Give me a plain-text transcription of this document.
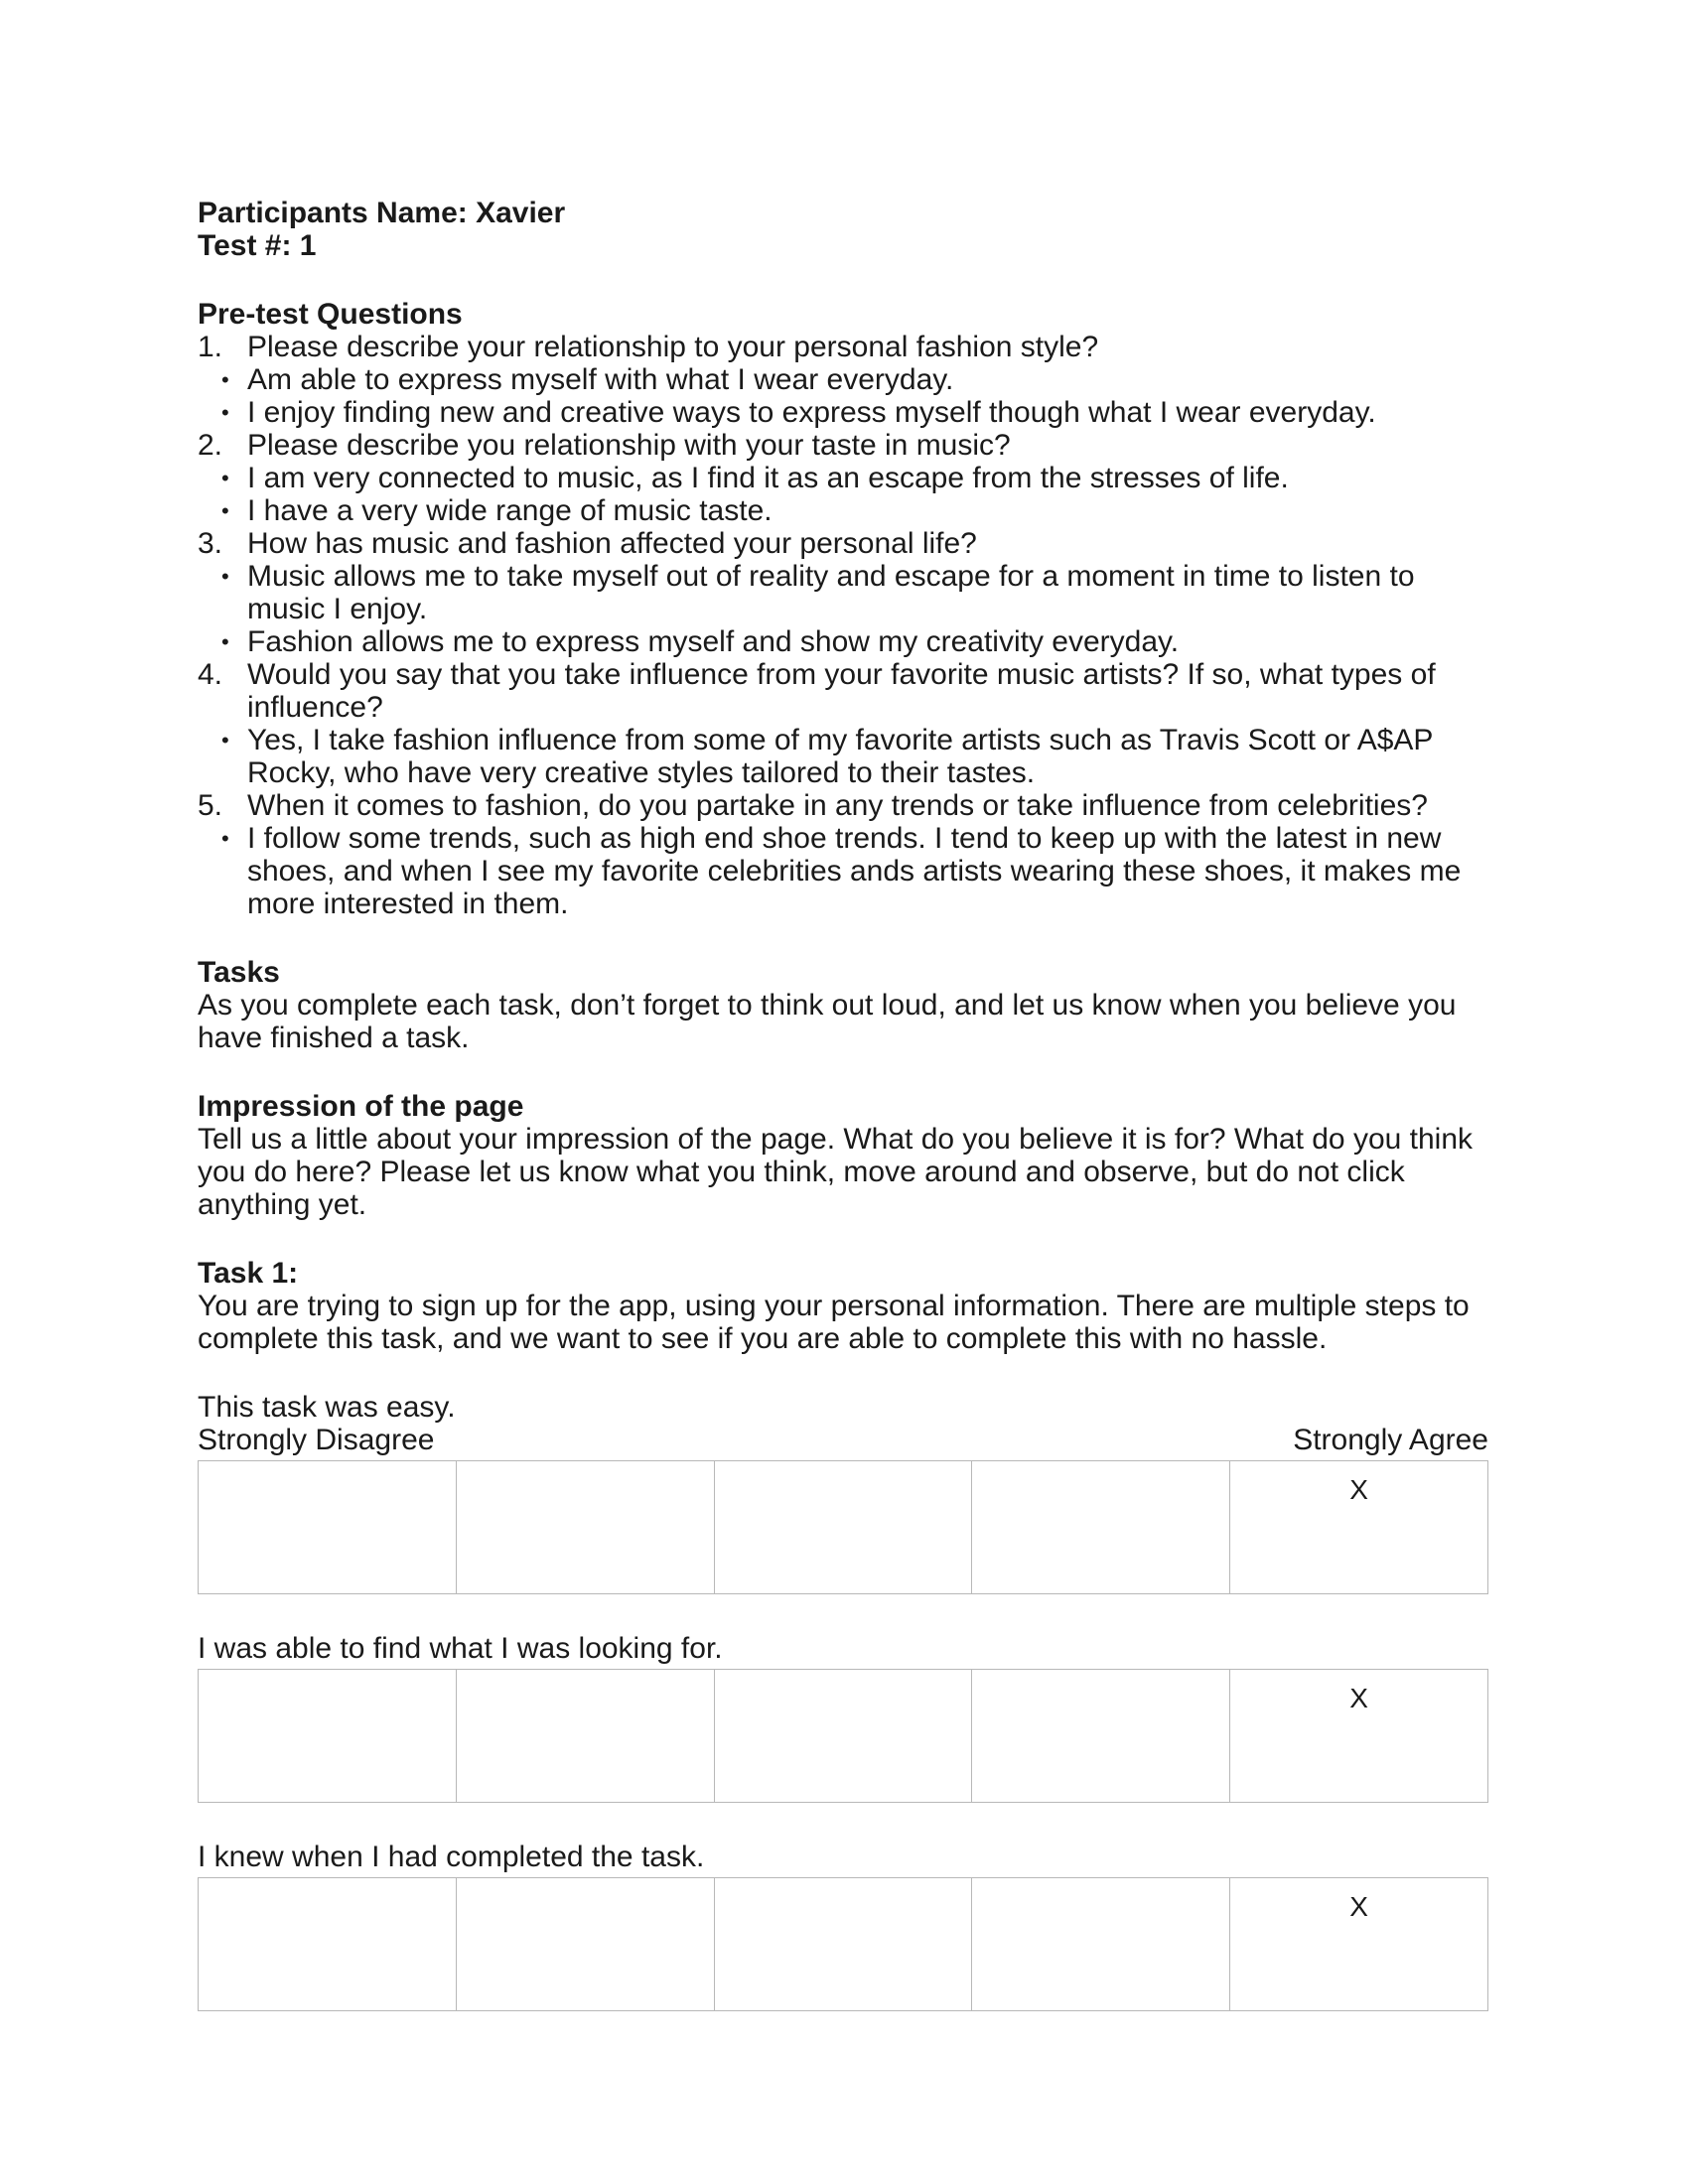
Participants Name: Xavier

Test #: 1

Pre-test Questions

1. Please describe your relationship to your personal fashion style?
• Am able to express myself with what I wear everyday.
• I enjoy finding new and creative ways to express myself though what I wear everyday.
2. Please describe you relationship with your taste in music?
• I am very connected to music, as I find it as an escape from the stresses of life.
• I have a very wide range of music taste.
3. How has music and fashion affected your personal life?
• Music allows me to take myself out of reality and escape for a moment in time to listen to music I enjoy.
• Fashion allows me to express myself and show my creativity everyday.
4. Would you say that you take influence from your favorite music artists? If so, what types of influence?
• Yes, I take fashion influence from some of my favorite artists such as Travis Scott or A$AP Rocky, who have very creative styles tailored to their tastes.
5. When it comes to fashion, do you partake in any trends or take influence from celebrities?
• I follow some trends, such as high end shoe trends. I tend to keep up with the latest in new shoes, and when I see my favorite celebrities ands artists wearing these shoes, it makes me more interested in them.

Tasks

As you complete each task, don’t forget to think out loud, and let us know when you believe you have finished a task.

Impression of the page

Tell us a little about your impression of the page. What do you believe it is for? What do you think you do here? Please let us know what you think, move around and observe, but do not click anything yet.

Task 1:

You are trying to sign up for the app, using your personal information. There are multiple steps to complete this task, and we want to see if you are able to complete this with no hassle.

This task was easy.

Strongly Disagree	Strongly Agree
				X

I was able to find what I was looking for.

				X

I knew when I had completed the task.

				X
